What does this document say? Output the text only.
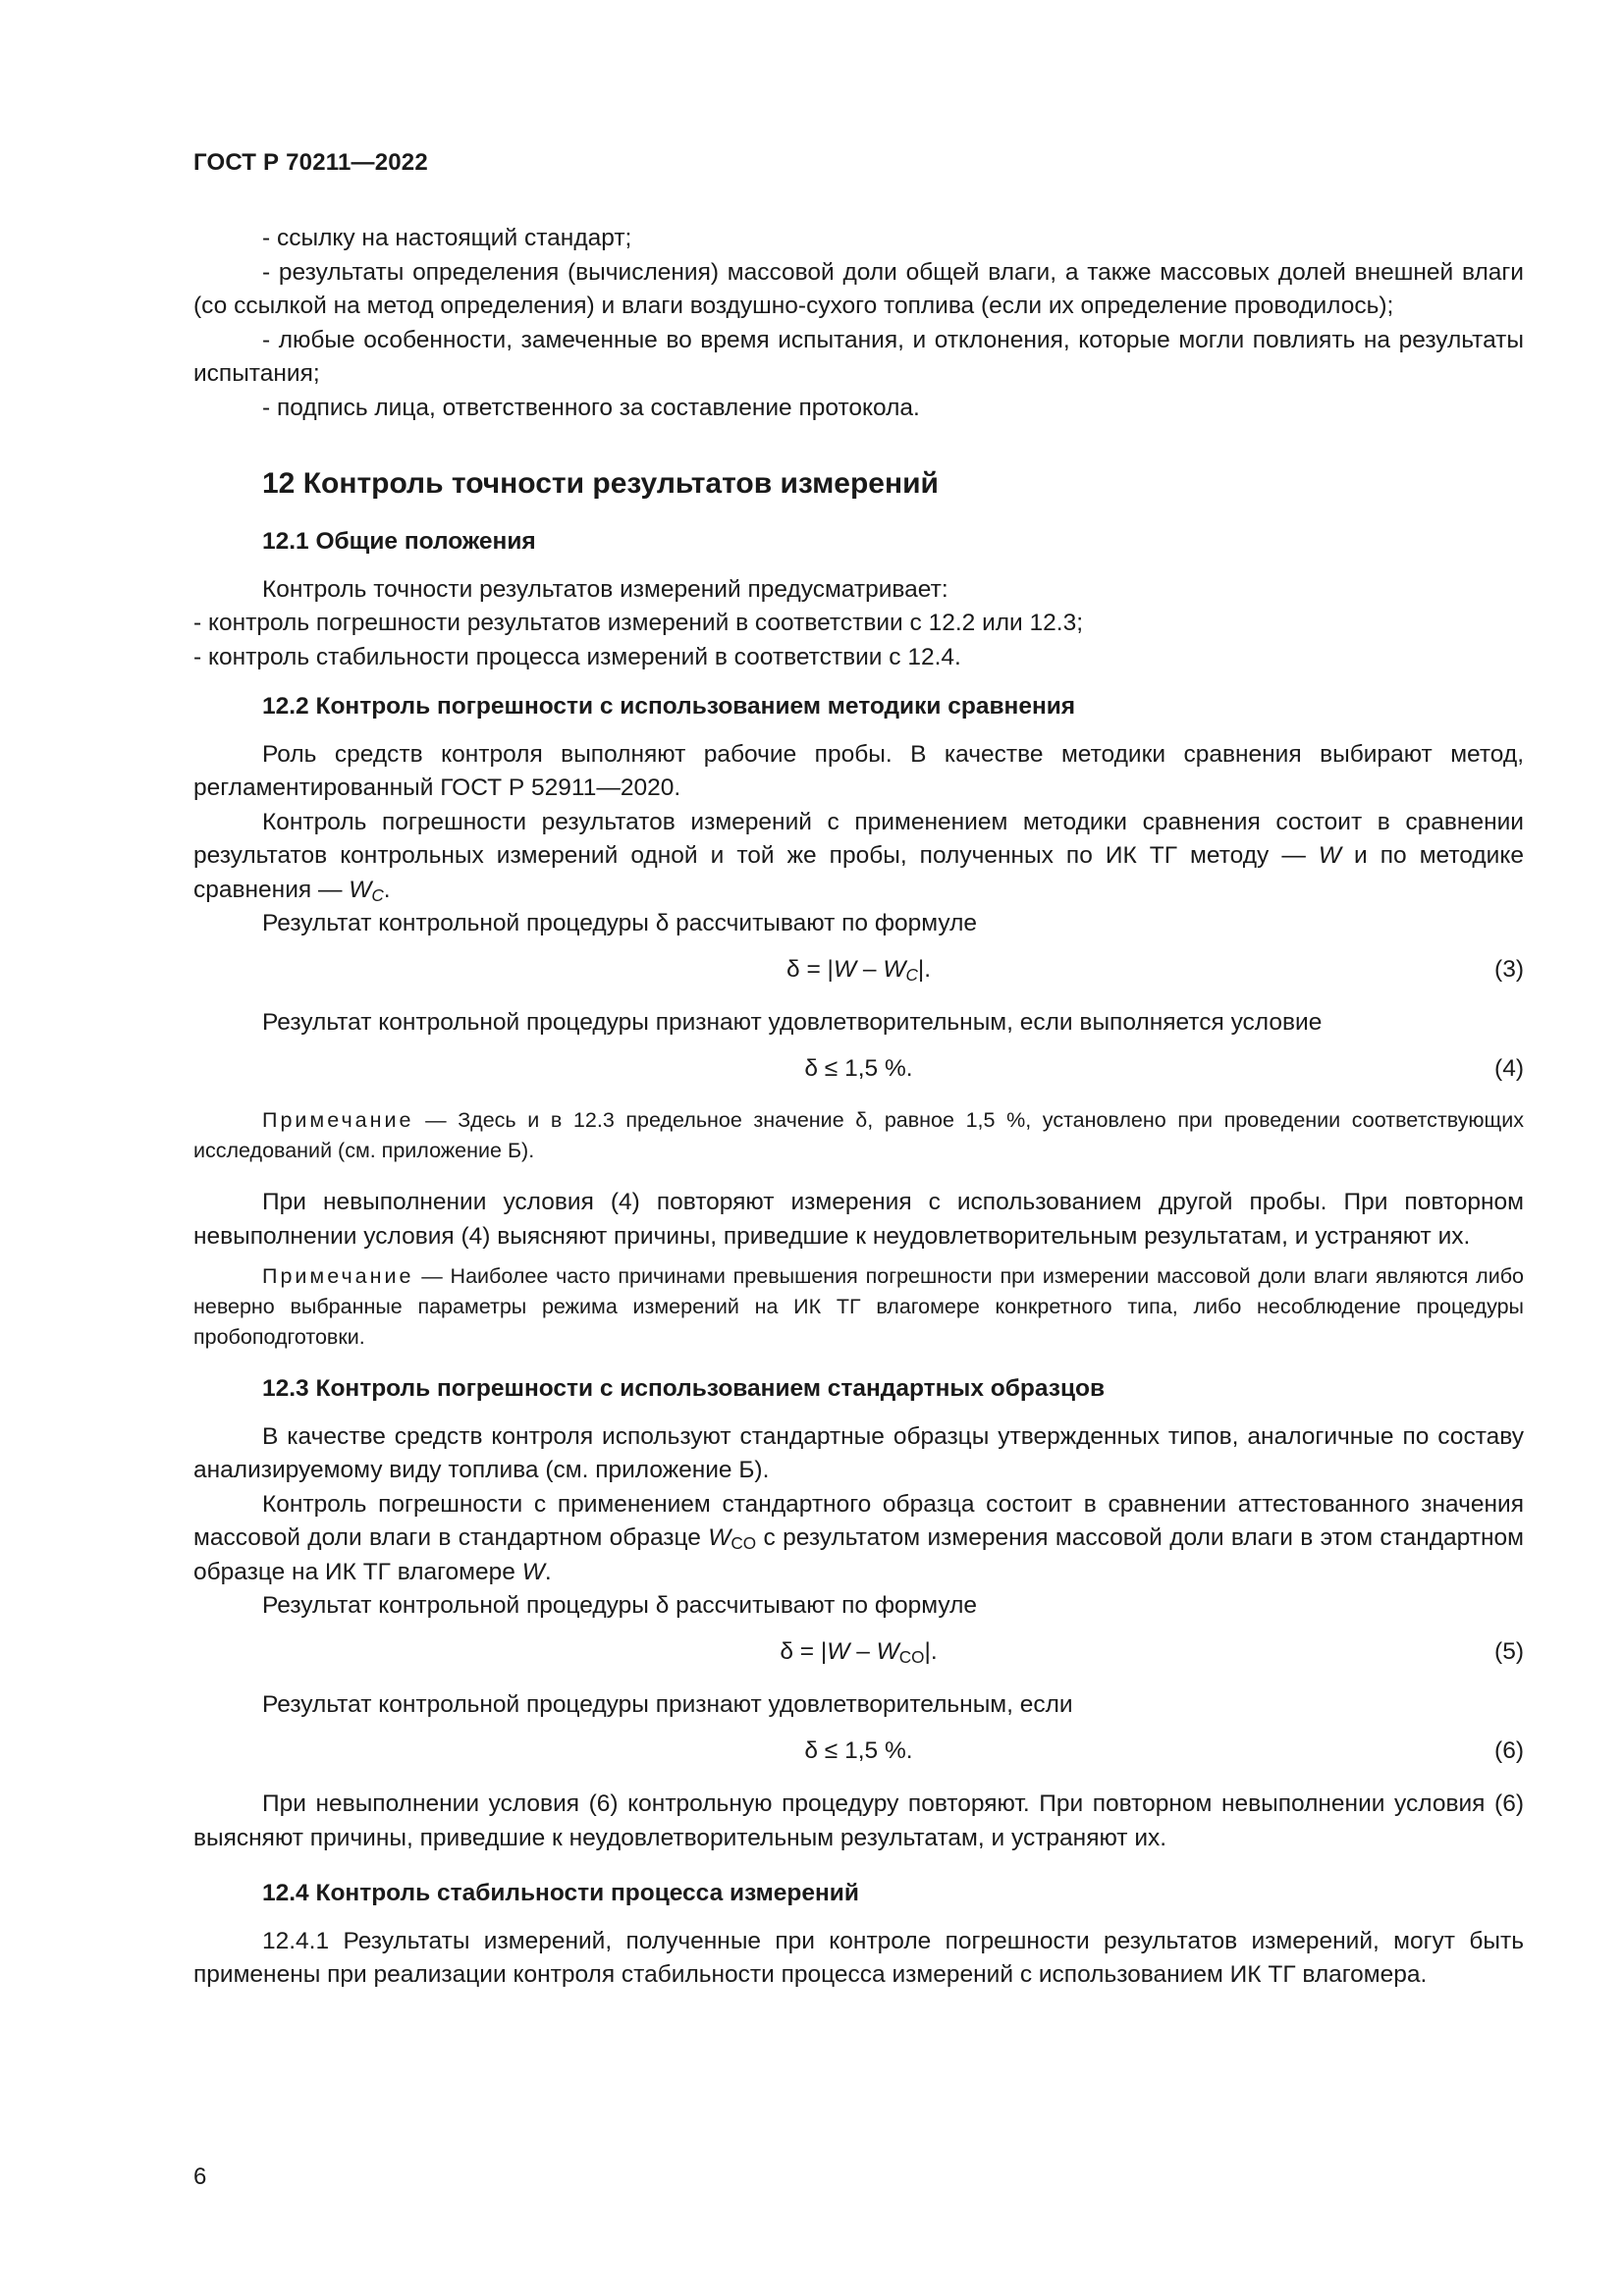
ГОСТ Р 70211—2022

- ссылку на настоящий стандарт;

- результаты определения (вычисления) массовой доли общей влаги, а также массовых долей внешней влаги (со ссылкой на метод определения) и влаги воздушно-сухого топлива (если их определение проводилось);

- любые особенности, замеченные во время испытания, и отклонения, которые могли повлиять на результаты испытания;

- подпись лица, ответственного за составление протокола.

12 Контроль точности результатов измерений
12.1 Общие положения

Контроль точности результатов измерений предусматривает:

- контроль погрешности результатов измерений в соответствии с 12.2 или 12.3;

- контроль стабильности процесса измерений в соответствии с 12.4.

12.2 Контроль погрешности с использованием методики сравнения

Роль средств контроля выполняют рабочие пробы. В качестве методики сравнения выбирают метод, регламентированный ГОСТ Р 52911—2020.

Контроль погрешности результатов измерений с применением методики сравнения состоит в сравнении результатов контрольных измерений одной и той же пробы, полученных по ИК ТГ методу — W и по методике сравнения — $W_C$.

Результат контрольной процедуры δ рассчитывают по формуле

$\delta = |W - W_C|$.	(3)

Результат контрольной процедуры признают удовлетворительным, если выполняется условие

δ ≤ 1,5 %.	(4)

Примечание — Здесь и в 12.3 предельное значение δ, равное 1,5 %, установлено при проведении соответствующих исследований (см. приложение Б).

При невыполнении условия (4) повторяют измерения с использованием другой пробы. При повторном невыполнении условия (4) выясняют причины, приведшие к неудовлетворительным результатам, и устраняют их.

Примечание — Наиболее часто причинами превышения погрешности при измерении массовой доли влаги являются либо неверно выбранные параметры режима измерений на ИК ТГ влагомере конкретного типа, либо несоблюдение процедуры пробоподготовки.

12.3 Контроль погрешности с использованием стандартных образцов

В качестве средств контроля используют стандартные образцы утвержденных типов, аналогичные по составу анализируемому виду топлива (см. приложение Б).

Контроль погрешности с применением стандартного образца состоит в сравнении аттестованного значения массовой доли влаги в стандартном образце $W_{CO}$ с результатом измерения массовой доли влаги в этом стандартном образце на ИК ТГ влагомере W.

Результат контрольной процедуры δ рассчитывают по формуле

$\delta = |W - W_{CO}|$.	(5)

Результат контрольной процедуры признают удовлетворительным, если

δ ≤ 1,5 %.	(6)

При невыполнении условия (6) контрольную процедуру повторяют. При повторном невыполнении условия (6) выясняют причины, приведшие к неудовлетворительным результатам, и устраняют их.

12.4 Контроль стабильности процесса измерений

12.4.1 Результаты измерений, полученные при контроле погрешности результатов измерений, могут быть применены при реализации контроля стабильности процесса измерений с использованием ИК ТГ влагомера.

6
